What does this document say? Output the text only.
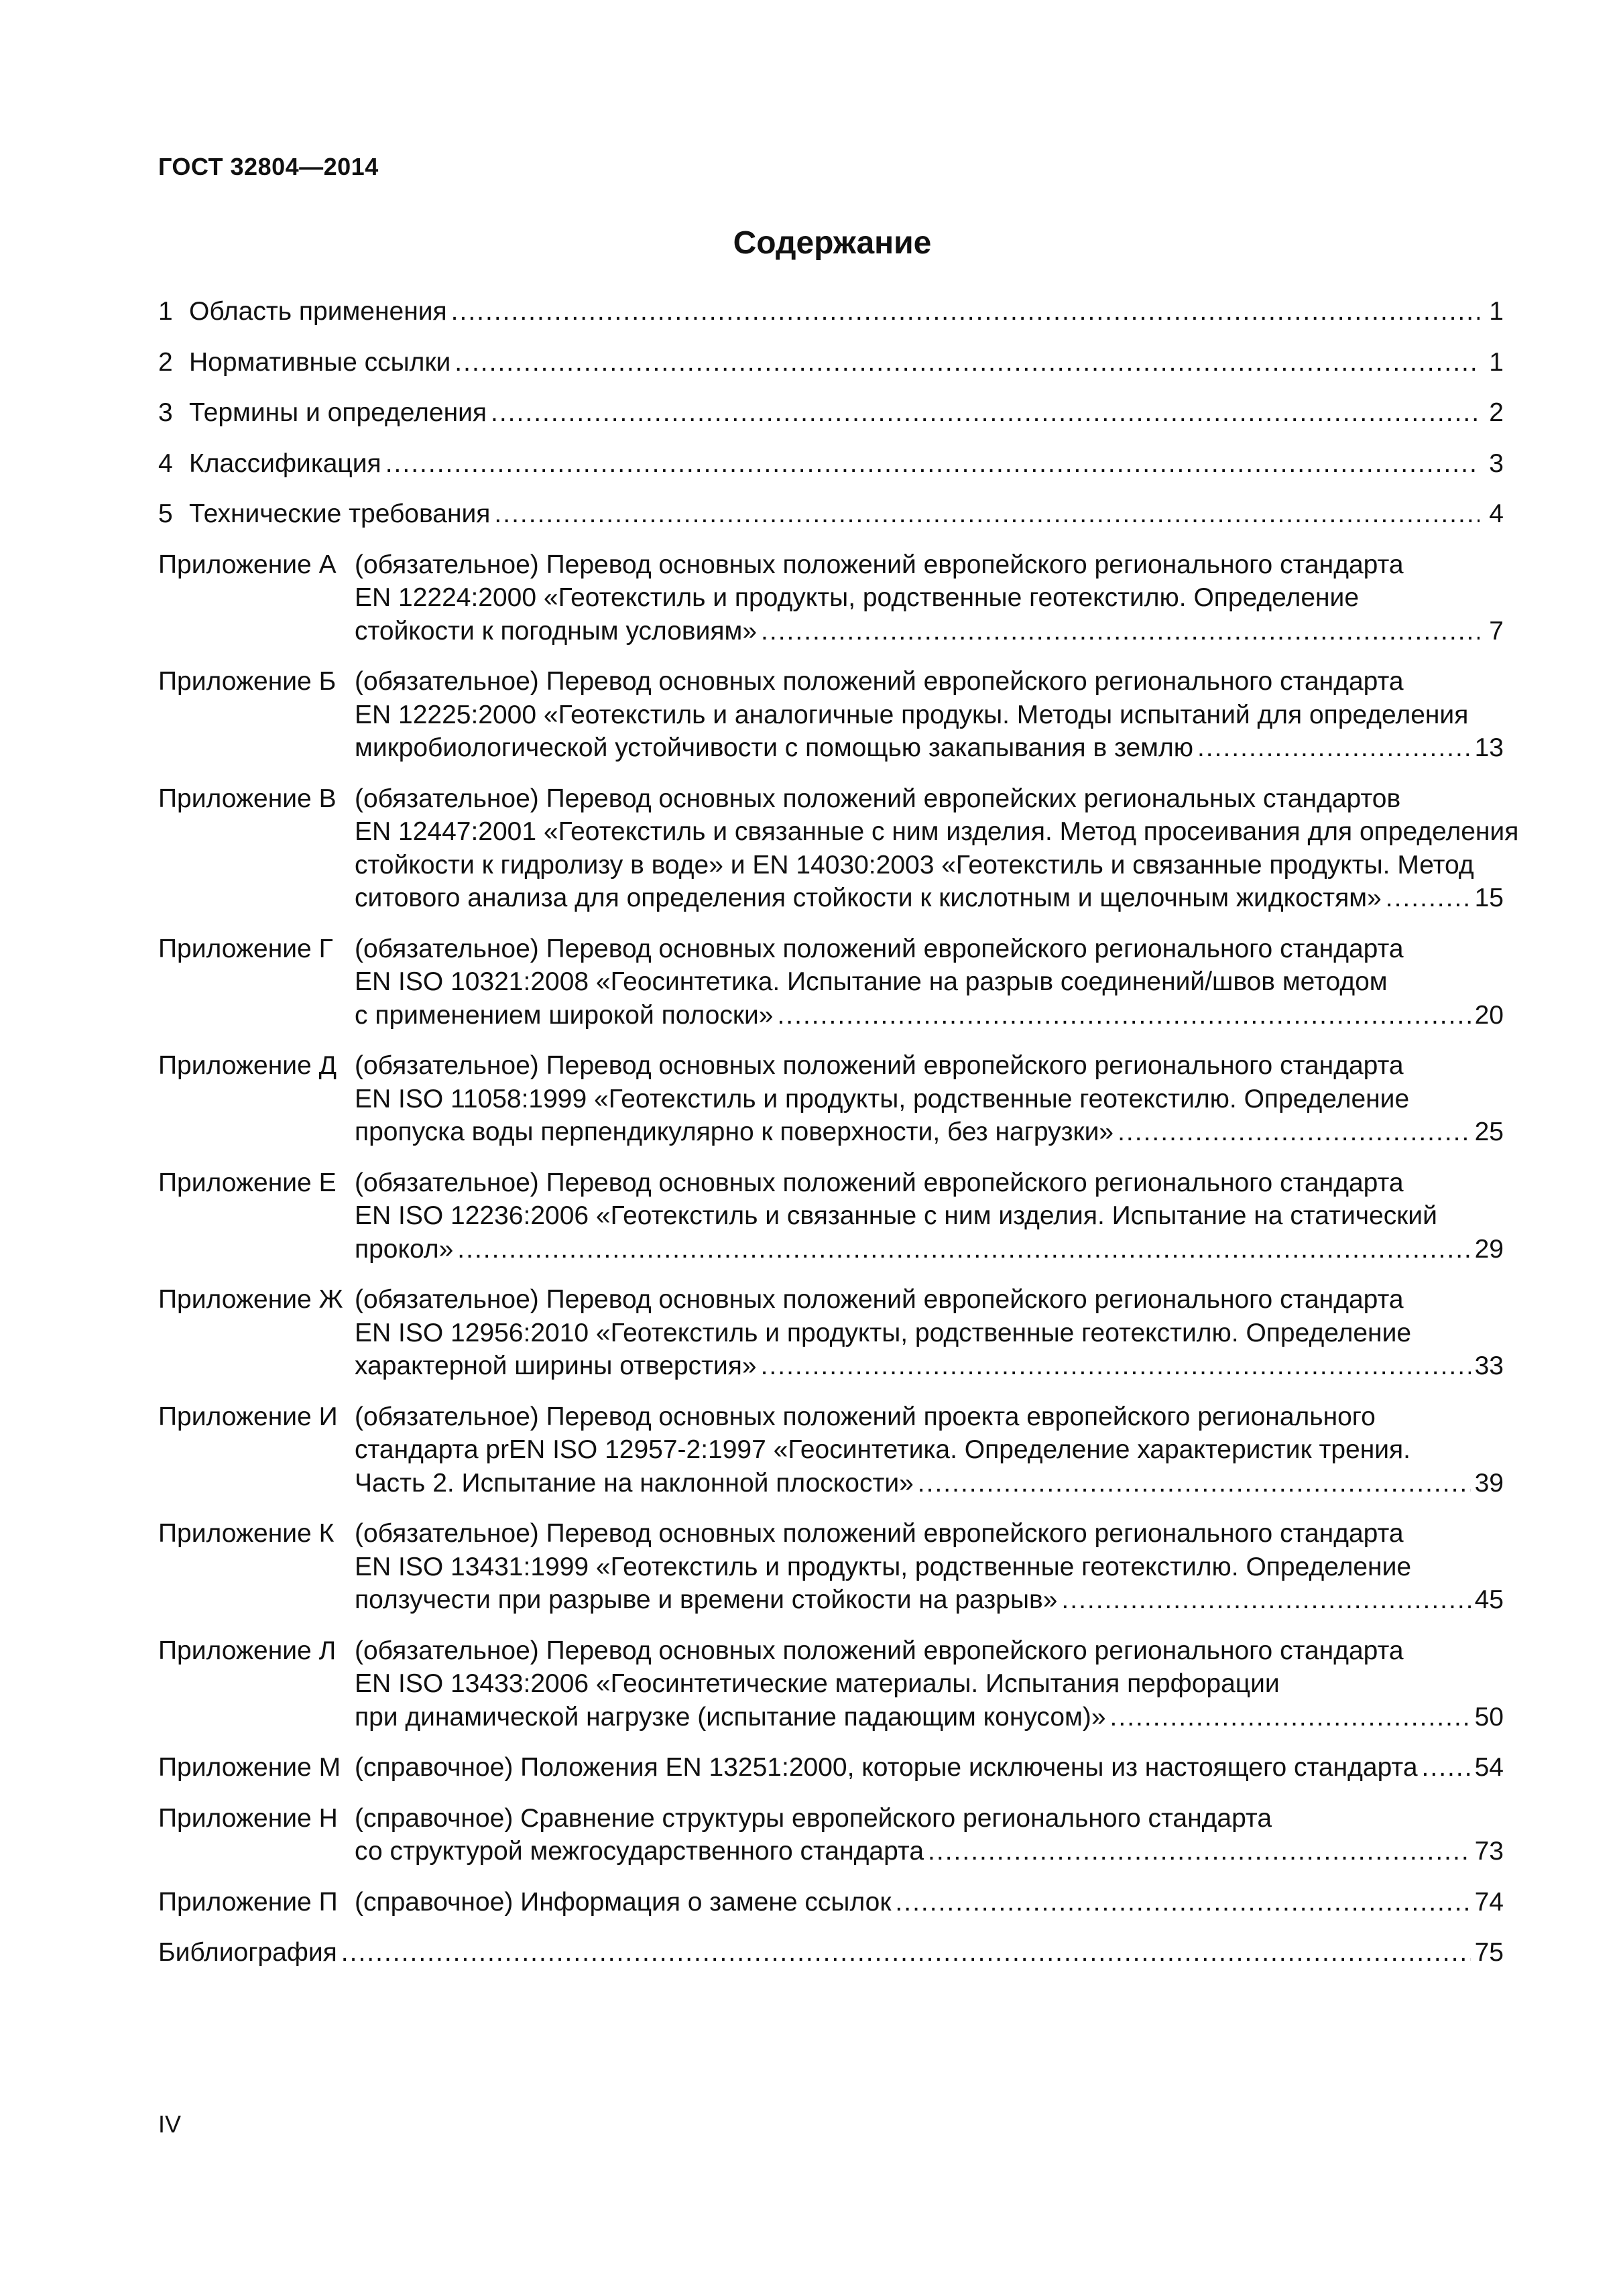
ГОСТ 32804—2014
Содержание
1 Область применения .....	1
2 Нормативные ссылки .....	1
3 Термины и определения .....	2
4 Классификация .....	3
5 Технические требования .....	4
Приложение А (обязательное) Перевод основных положений европейского регионального стандарта
EN 12224:2000 «Геотекстиль и продукты, родственные геотекстилю. Определение
стойкости к погодным условиям» .....	7
Приложение Б (обязательное) Перевод основных положений европейского регионального стандарта
EN 12225:2000 «Геотекстиль и аналогичные продукы. Методы испытаний для определения
микробиологической устойчивости с помощью закапывания в землю .....	13
Приложение В (обязательное) Перевод основных положений европейских региональных стандартов
EN 12447:2001 «Геотекстиль и связанные с ним изделия. Метод просеивания для определения
стойкости к гидролизу в воде» и EN 14030:2003 «Геотекстиль и связанные продукты. Метод
ситового анализа для определения стойкости к кислотным и щелочным жидкостям» .....	15
Приложение Г (обязательное) Перевод основных положений европейского регионального стандарта
EN ISO 10321:2008 «Геосинтетика. Испытание на разрыв соединений/швов методом
с применением широкой полоски» .....	20
Приложение Д (обязательное) Перевод основных положений европейского регионального стандарта
EN ISO 11058:1999 «Геотекстиль и продукты, родственные геотекстилю. Определение
пропуска воды перпендикулярно к поверхности, без нагрузки» .....	25
Приложение Е (обязательное) Перевод основных положений европейского регионального стандарта
EN ISO 12236:2006 «Геотекстиль и связанные с ним изделия. Испытание на статический
прокол» .....	29
Приложение Ж (обязательное) Перевод основных положений европейского регионального стандарта
EN ISO 12956:2010 «Геотекстиль и продукты, родственные геотекстилю. Определение
характерной ширины отверстия» .....	33
Приложение И (обязательное) Перевод основных положений проекта европейского регионального
стандарта prEN ISO 12957-2:1997 «Геосинтетика. Определение характеристик трения.
Часть 2. Испытание на наклонной плоскости» .....	39
Приложение К (обязательное) Перевод основных положений европейского регионального стандарта
EN ISO 13431:1999 «Геотекстиль и продукты, родственные геотекстилю. Определение
ползучести при разрыве и времени стойкости на разрыв» .....	45
Приложение Л (обязательное) Перевод основных положений европейского регионального стандарта
EN ISO 13433:2006 «Геосинтетические материалы. Испытания перфорации
при динамической нагрузке (испытание падающим конусом)» .....	50
Приложение М (справочное) Положения EN 13251:2000, которые исключены из настоящего стандарта ..... 54
Приложение Н (справочное) Сравнение структуры европейского регионального стандарта
со структурой межгосударственного стандарта .....	73
Приложение П (справочное) Информация о замене ссылок .....	74
Библиография .....	75
IV
